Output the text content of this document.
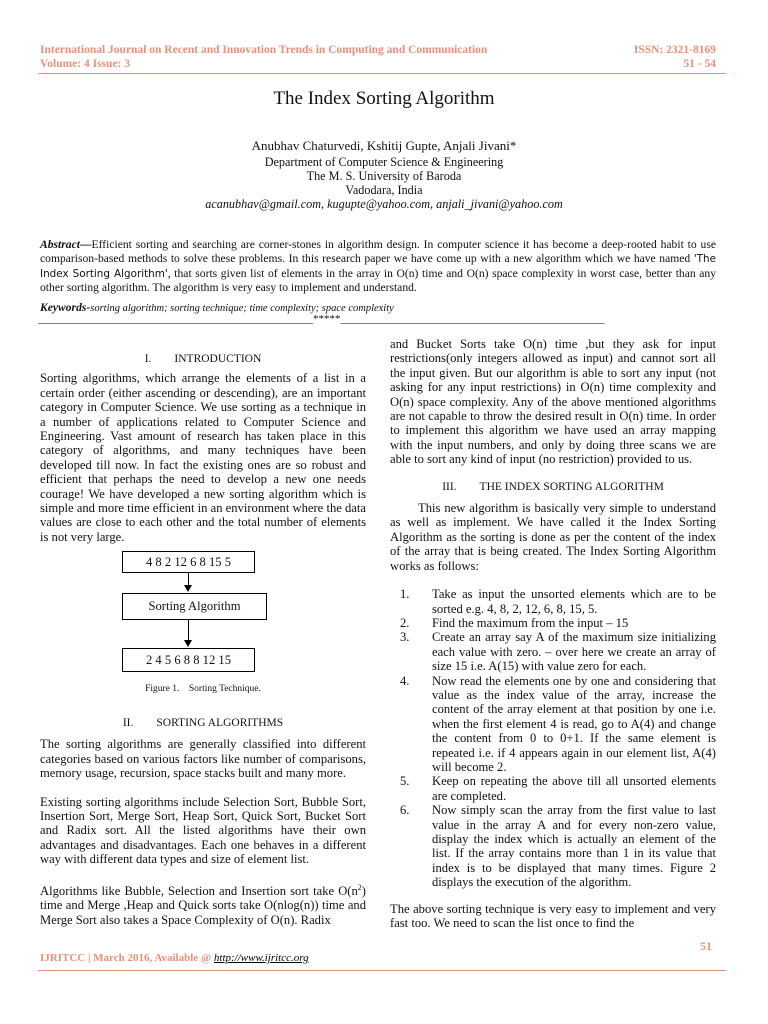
International Journal on Recent and Innovation Trends in Computing and Communication
Volume: 4 Issue: 3
ISSN: 2321-8169
51 - 54
The Index Sorting Algorithm
Anubhav Chaturvedi, Kshitij Gupte, Anjali Jivani*
Department of Computer Science & Engineering
The M. S. University of Baroda
Vadodara, India
acanubhav@gmail.com, kugupte@yahoo.com, anjali_jivani@yahoo.com
Abstract—Efficient sorting and searching are corner-stones in algorithm design. In computer science it has become a deep-rooted habit to use comparison-based methods to solve these problems. In this research paper we have come up with a new algorithm which we have named 'The Index Sorting Algorithm', that sorts given list of elements in the array in O(n) time and O(n) space complexity in worst case, better than any other sorting algorithm. The algorithm is very easy to implement and understand.
Keywords-sorting algorithm; sorting technique; time complexity; space complexity
__________________________________________________*****________________________________________________
I.  INTRODUCTION

Sorting algorithms, which arrange the elements of a list in a certain order (either ascending or descending), are an important category in Computer Science. We use sorting as a technique in a number of applications related to Computer Science and Engineering. Vast amount of research has taken place in this category of algorithms, and many techniques have been developed till now. In fact the existing ones are so robust and efficient that perhaps the need to develop a new one needs courage! We have developed a new sorting algorithm which is simple and more time efficient in an environment where the data values are close to each other and the total number of elements is not very large.

4 8 2 12 6 8 15 5
Sorting Algorithm
2 4 5 6 8 8 12 15
Figure 1. Sorting Technique.
II.  SORTING ALGORITHMS

The sorting algorithms are generally classified into different categories based on various factors like number of comparisons, memory usage, recursion, space stacks built and many more.

Existing sorting algorithms include Selection Sort, Bubble Sort, Insertion Sort, Merge Sort, Heap Sort, Quick Sort, Bucket Sort and Radix sort. All the listed algorithms have their own advantages and disadvantages. Each one behaves in a different way with different data types and size of element list.

Algorithms like Bubble, Selection and Insertion sort take $O(n^2)$ time and Merge ,Heap and Quick sorts take O(nlog(n)) time and Merge Sort also takes a Space Complexity of O(n). Radix

and Bucket Sorts take O(n) time ,but they ask for input restrictions(only integers allowed as input) and cannot sort all the input given. But our algorithm is able to sort any input (not asking for any input restrictions) in O(n) time complexity and O(n) space complexity. Any of the above mentioned algorithms are not capable to throw the desired result in O(n) time. In order to implement this algorithm we have used an array mapping with the input numbers, and only by doing three scans we are able to sort any kind of input (no restriction) provided to us.

III.  THE INDEX SORTING ALGORITHM

This new algorithm is basically very simple to understand as well as implement. We have called it the Index Sorting Algorithm as the sorting is done as per the content of the index of the array that is being created. The Index Sorting Algorithm works as follows:

1. Take as input the unsorted elements which are to be sorted e.g. 4, 8, 2, 12, 6, 8, 15, 5.
2. Find the maximum from the input – 15
3. Create an array say A of the maximum size initializing each value with zero. – over here we create an array of size 15 i.e. A(15) with value zero for each.
4. Now read the elements one by one and considering that value as the index value of the array, increase the content of the array element at that position by one i.e. when the first element 4 is read, go to A(4) and change the content from 0 to 0+1. If the same element is repeated i.e. if 4 appears again in our element list, A(4) will become 2.
5. Keep on repeating the above till all unsorted elements are completed.
6. Now simply scan the array from the first value to last value in the array A and for every non-zero value, display the index which is actually an element of the list. If the array contains more than 1 in its value that index is to be displayed that many times. Figure 2 displays the execution of the algorithm.

The above sorting technique is very easy to implement and very fast too. We need to scan the list once to find the

51
IJRITCC | March 2016, Available @ http://www.ijritcc.org
